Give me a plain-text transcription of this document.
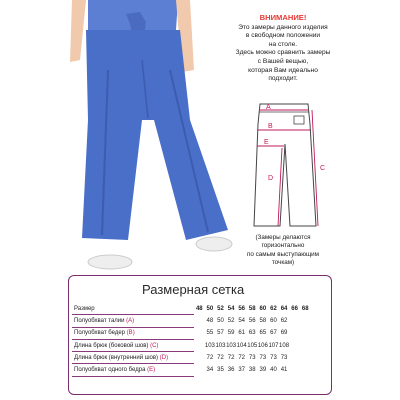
ВНИМАНИЕ!
Это замеры данного изделия
в свободном положении
на столе.
Здесь можно сравнить замеры
с Вашей вещью,
которая Вам идеально
подходит.
A
B
E
C
D
(Замеры делаются
горизонтально
по самым выступающим
точкам)
Размерная сетка
Размер	48	50	52	54	56	58	60	62	64	66	68
Полуобхват талии (A)		48	50	52	54	56	58	60	62		
Полуобхват бедер (B)		55	57	59	61	63	65	67	69		
Длина брюк (боковой шов) (C)		103	103	103	104	105	106	107	108		
Длина брюк (внутренний шов) (D)		72	72	72	72	73	73	73	73		
Полуобхват одного бедра (E)		34	35	36	37	38	39	40	41		
